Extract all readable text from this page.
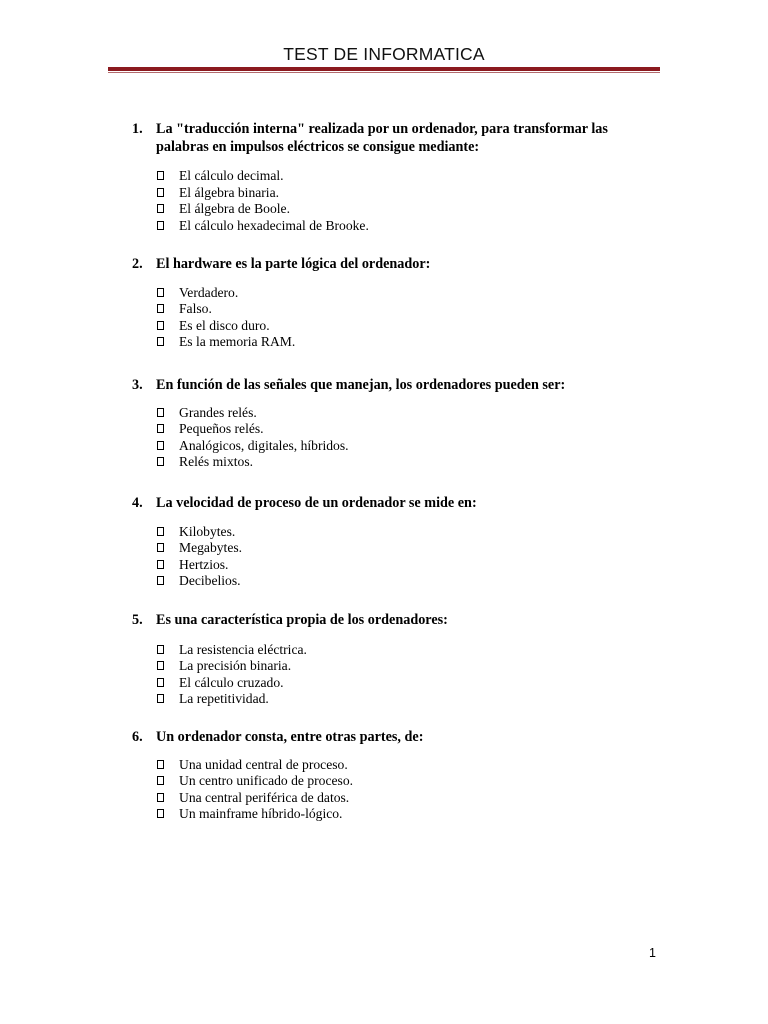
TEST DE INFORMATICA
1. La "traducción interna" realizada por un ordenador, para transformar las palabras en impulsos eléctricos se consigue mediante:
El cálculo decimal.
El álgebra binaria.
El álgebra de Boole.
El cálculo hexadecimal de Brooke.
2. El hardware es la parte lógica del ordenador:
Verdadero.
Falso.
Es el disco duro.
Es la memoria RAM.
3. En función de las señales que manejan, los ordenadores pueden ser:
Grandes relés.
Pequeños relés.
Analógicos, digitales, híbridos.
Relés mixtos.
4. La velocidad de proceso de un ordenador se mide en:
Kilobytes.
Megabytes.
Hertzios.
Decibelios.
5. Es una característica propia de los ordenadores:
La resistencia eléctrica.
La precisión binaria.
El cálculo cruzado.
La repetitividad.
6. Un ordenador consta, entre otras partes, de:
Una unidad central de proceso.
Un centro unificado de proceso.
Una central periférica de datos.
Un mainframe híbrido-lógico.
1
